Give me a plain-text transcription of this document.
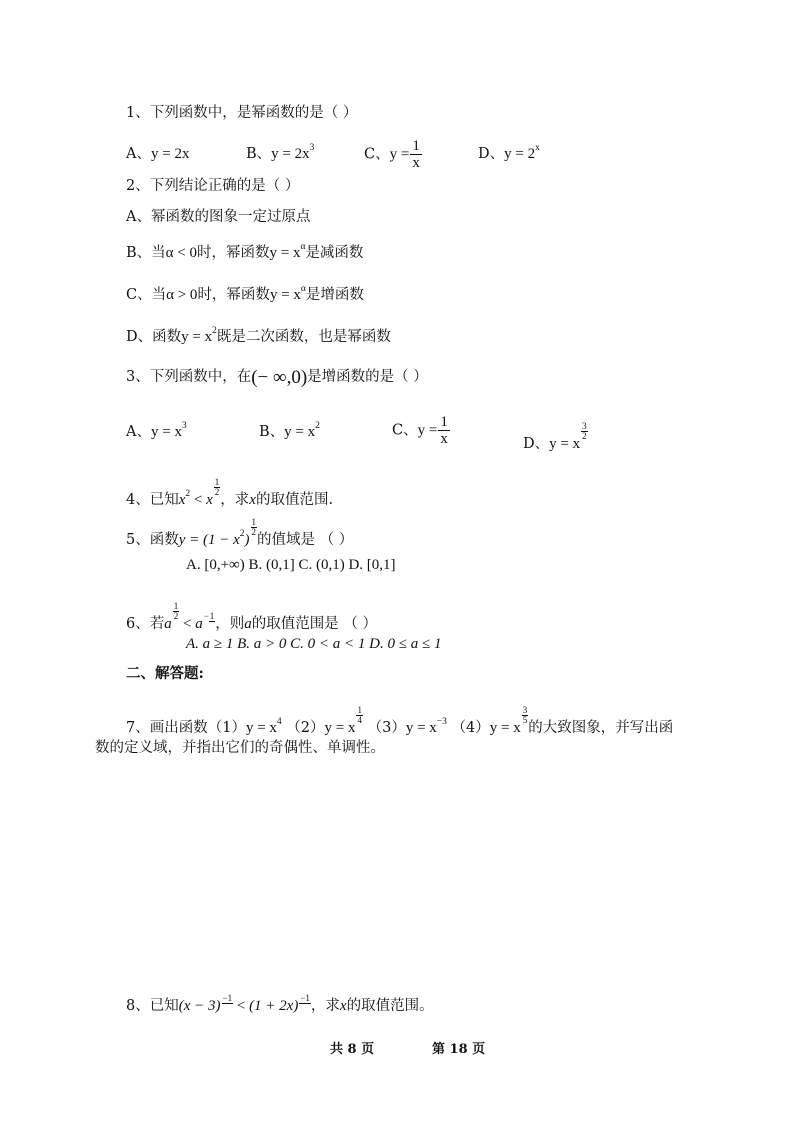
1、下列函数中，是幂函数的是（ ）
A、y = 2x	B、$y = 2x^3$	C、$y = \frac{1}{x}$	D、$y = 2^x$
2、下列结论正确的是（ ）
A、幂函数的图象一定过原点
B、当α < 0时，幂函数$y = x^\alpha$是减函数
C、当α > 0时，幂函数$y = x^\alpha$是增函数
D、函数$y = x^2$既是二次函数，也是幂函数
3、下列函数中，在(− ∞,0)是增函数的是（ ）
A、$y = x^3$	B、$y = x^2$	C、$y = \frac{1}{x}$	D、y = x
$\frac{3}{2}$
4、已知$x^2 < x$
$\frac{1}{2}$
，求x的取值范围.
5、函数$y = (1 - x^2)$
$\frac{1}{2}$
的值域是 （ ）
A. [0,+∞) B. (0,1] C. (0,1) D. [0,1]
6、若a
$\frac{1}{2}$
< a−1，则a的取值范围是 （ ）
A. a ≥ 1 B. a > 0 C. 0 < a < 1 D. 0 ≤ a ≤ 1
二、解答题:
7、画出函数$(1)y = x^4$ （2）y = x
$\frac{1}{4}$
$(3)y = x^{-3}$ （4）y = x
$\frac{3}{5}$
的大致图象，并写出函
数的定义域，并指出它们的奇偶性、单调性。
8、已知(x − 3) −1 < (1 + 2x) −1，求x的取值范围。
共 8 页	第 18 页
